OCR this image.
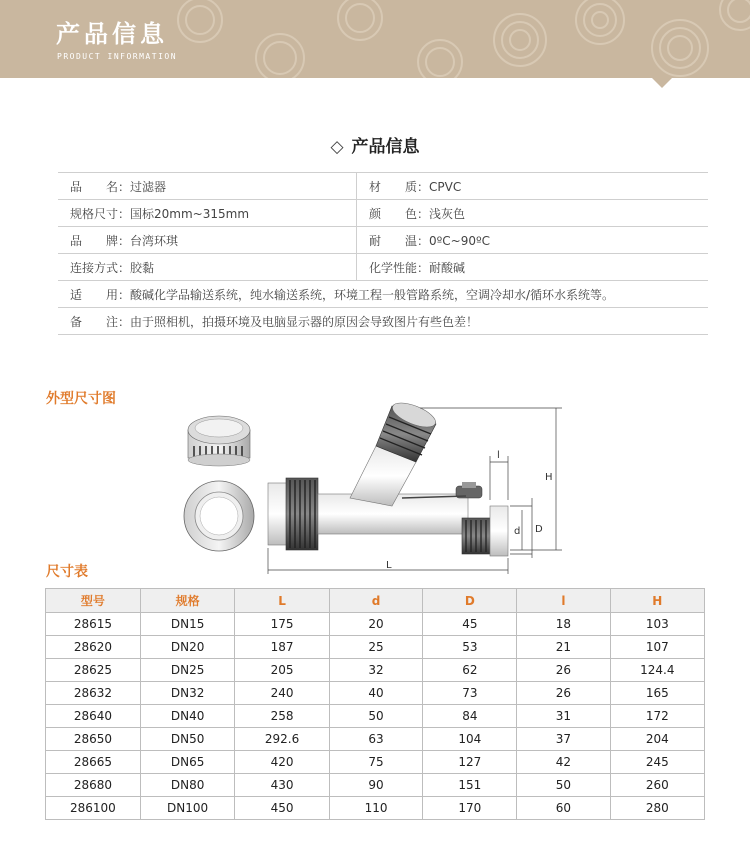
产品信息
PRODUCT INFORMATION
◇ 产品信息
品　　名：过滤器	材　　质：CPVC
规格尺寸：国标20mm~315mm	颜　　色：浅灰色
品　　牌：台湾环琪	耐　　温：0ºC~90ºC
连接方式：胶黏	化学性能：耐酸碱
适　　用：酸碱化学品输送系统，纯水输送系统，环境工程一般管路系统，空调冷却水/循环水系统等。	
备　　注：由于照相机，拍摄环境及电脑显示器的原因会导致图片有些色差！	
外型尺寸图
L
l
d D
H
尺寸表
型号	规格	L	d	D	l	H
28615	DN15	175	20	45	18	103
28620	DN20	187	25	53	21	107
28625	DN25	205	32	62	26	124.4
28632	DN32	240	40	73	26	165
28640	DN40	258	50	84	31	172
28650	DN50	292.6	63	104	37	204
28665	DN65	420	75	127	42	245
28680	DN80	430	90	151	50	260
286100	DN100	450	110	170	60	280
